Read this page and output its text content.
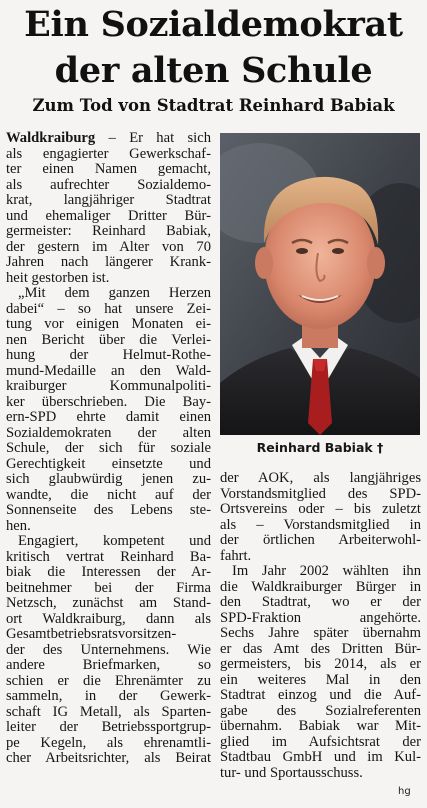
Ein Sozialdemokrat
der alten Schule
Zum Tod von Stadtrat Reinhard Babiak
Waldkraiburg – Er hat sich
als engagierter Gewerkschaf-
ter einen Namen gemacht,
als aufrechter Sozialdemo-
krat, langjähriger Stadtrat
und ehemaliger Dritter Bür-
germeister: Reinhard Babiak,
der gestern im Alter von 70
Jahren nach längerer Krank-
heit gestorben ist.
„Mit dem ganzen Herzen
dabei“ – so hat unsere Zei-
tung vor einigen Monaten ei-
nen Bericht über die Verlei-
hung der Helmut-Rothe-
mund-Medaille an den Wald-
kraiburger Kommunalpoliti-
ker überschrieben. Die Bay-
ern-SPD ehrte damit einen
Sozialdemokraten der alten
Schule, der sich für soziale
Gerechtigkeit einsetzte und
sich glaubwürdig jenen zu-
wandte, die nicht auf der
Sonnenseite des Lebens ste-
hen.
Engagiert, kompetent und
kritisch vertrat Reinhard Ba-
biak die Interessen der Ar-
beitnehmer bei der Firma
Netzsch, zunächst am Stand-
ort Waldkraiburg, dann als
Gesamtbetriebsratsvorsitzen-
der des Unternehmens. Wie
andere Briefmarken, so
schien er die Ehrenämter zu
sammeln, in der Gewerk-
schaft IG Metall, als Sparten-
leiter der Betriebssportgrup-
pe Kegeln, als ehrenamtli-
cher Arbeitsrichter, als Beirat
Reinhard Babiak †
der AOK, als langjähriges
Vorstandsmitglied des SPD-
Ortsvereins oder – bis zuletzt
als – Vorstandsmitglied in
der örtlichen Arbeiterwohl-
fahrt.
Im Jahr 2002 wählten ihn
die Waldkraiburger Bürger in
den Stadtrat, wo er der
SPD-Fraktion angehörte.
Sechs Jahre später übernahm
er das Amt des Dritten Bür-
germeisters, bis 2014, als er
ein weiteres Mal in den
Stadtrat einzog und die Auf-
gabe des Sozialreferenten
übernahm. Babiak war Mit-
glied im Aufsichtsrat der
Stadtbau GmbH und im Kul-
tur- und Sportausschuss.
hg
